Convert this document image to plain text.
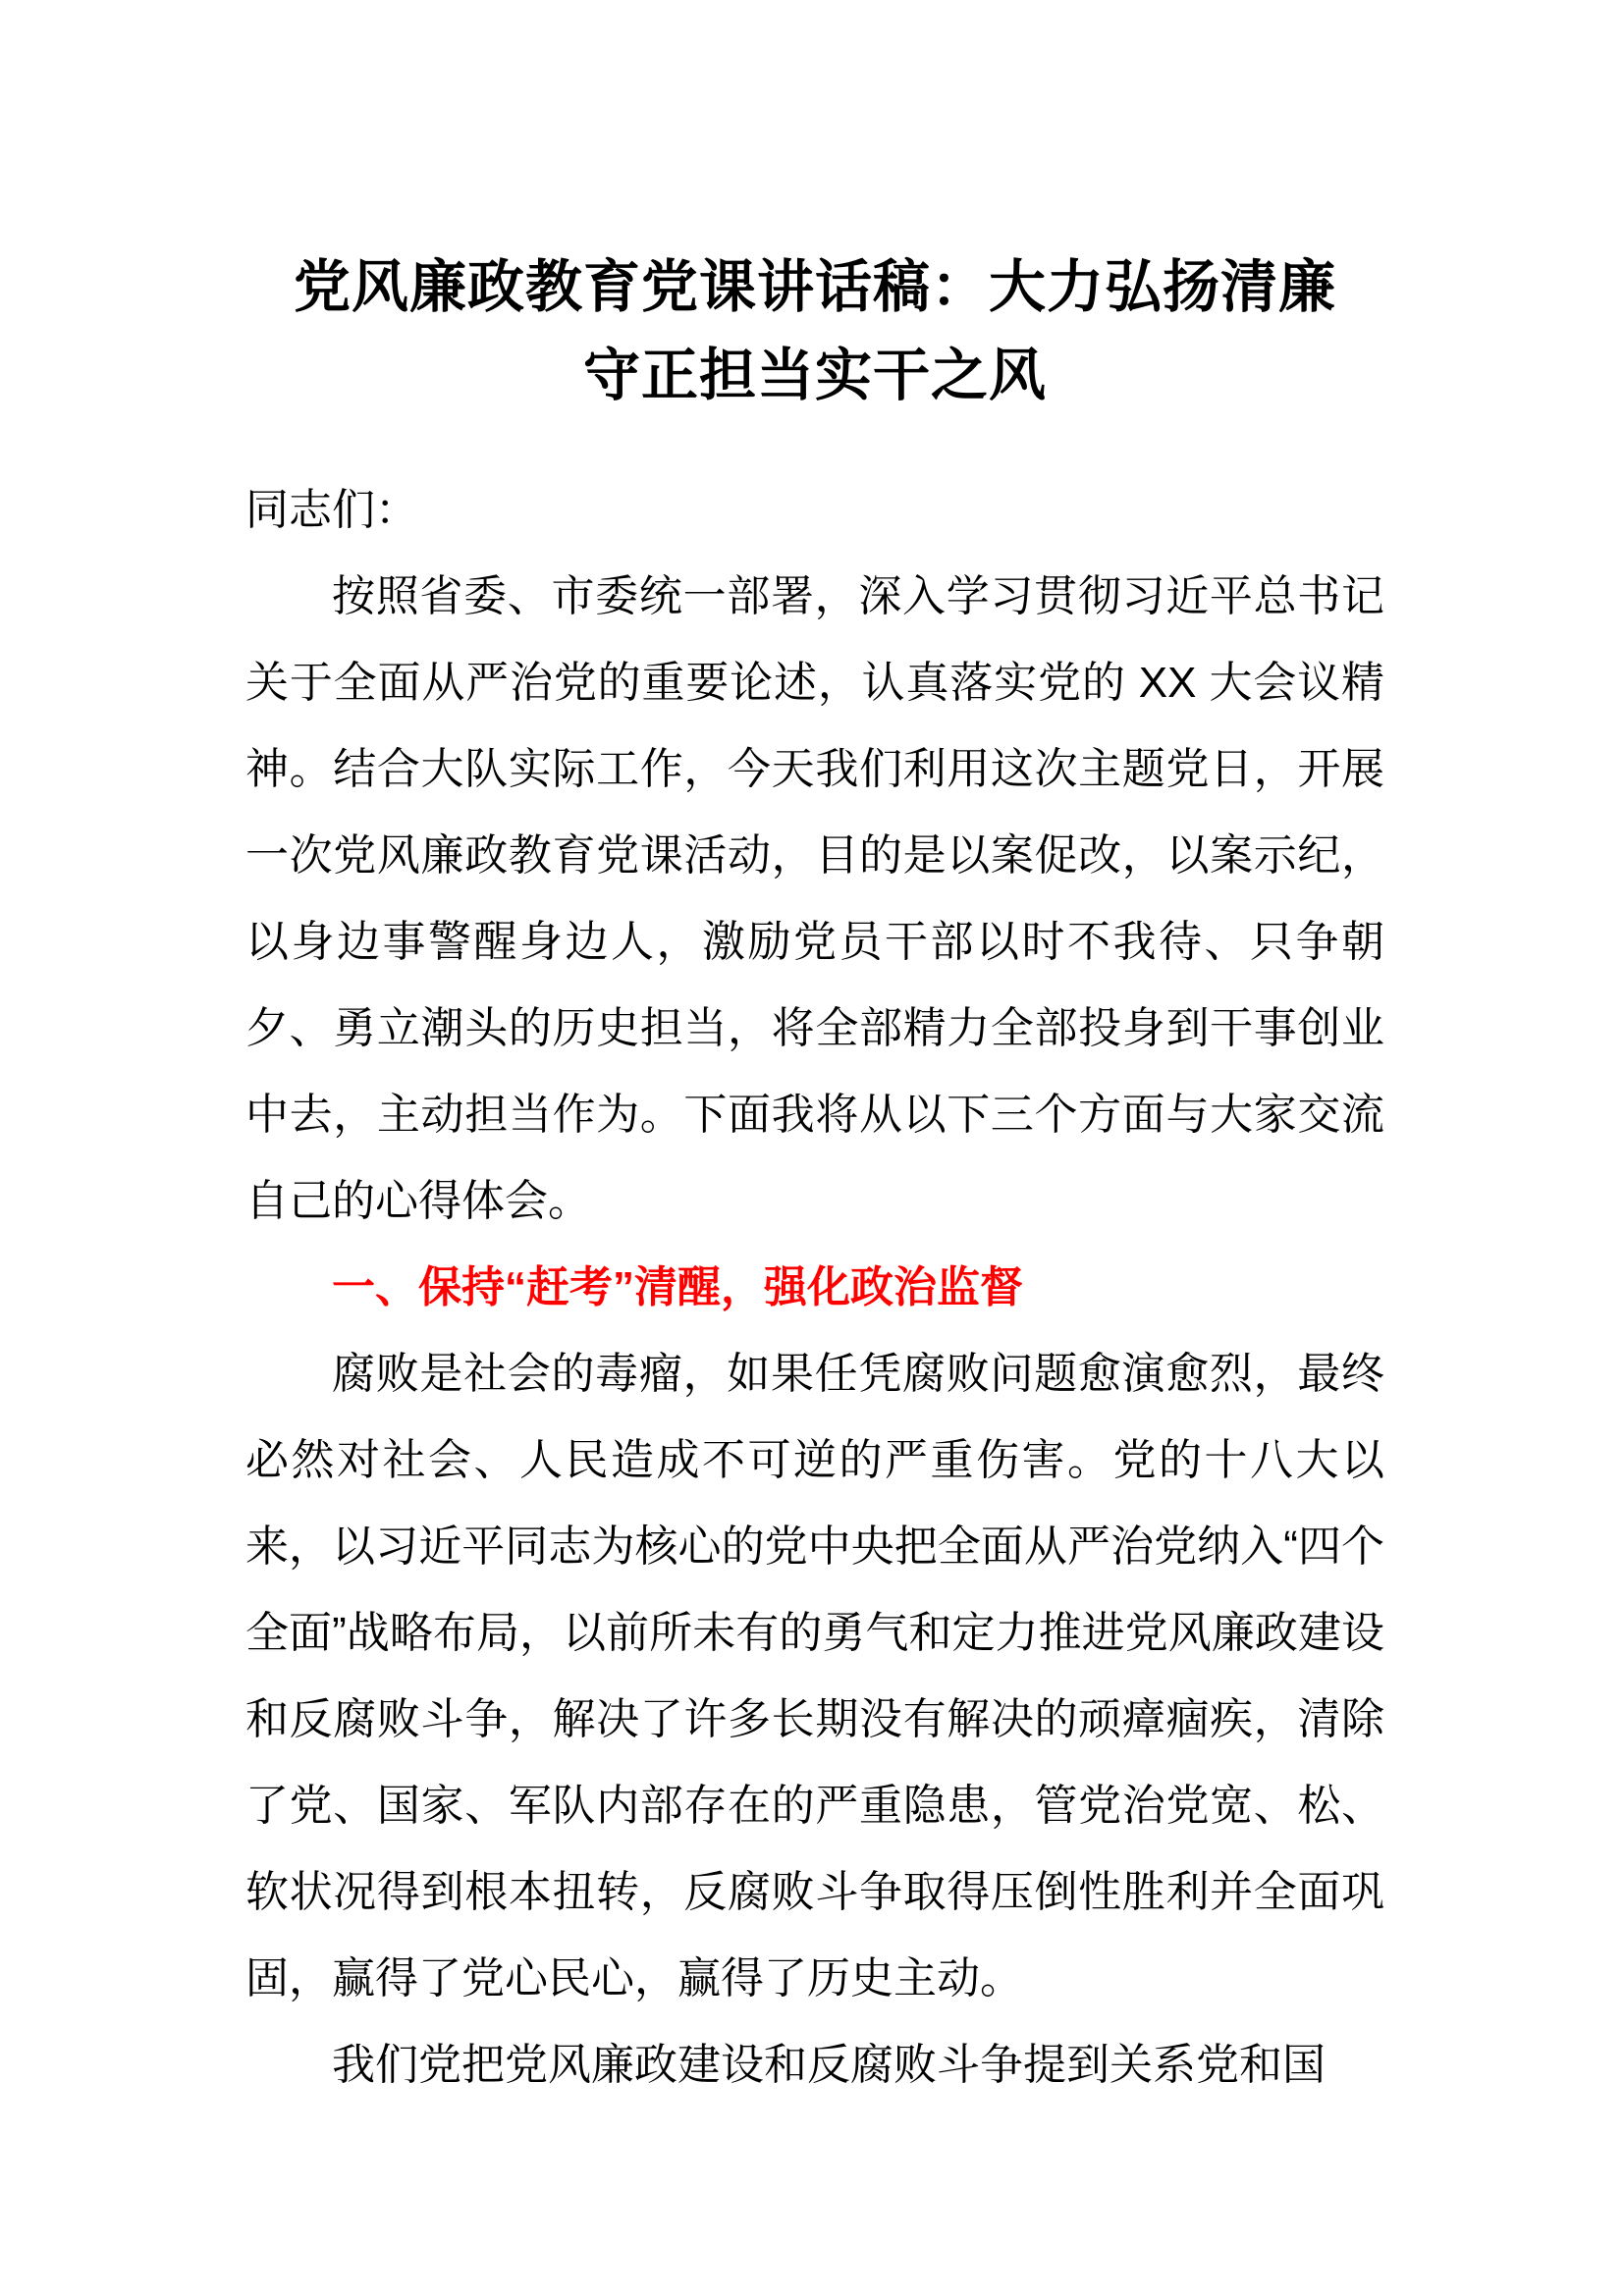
党风廉政教育党课讲话稿：大力弘扬清廉
守正担当实干之风

同志们：

按照省委、市委统一部署，深入学习贯彻习近平总书记关于全面从严治党的重要论述，认真落实党的 XX 大会议精神。结合大队实际工作，今天我们利用这次主题党日，开展一次党风廉政教育党课活动，目的是以案促改，以案示纪，以身边事警醒身边人，激励党员干部以时不我待、只争朝夕、勇立潮头的历史担当，将全部精力全部投身到干事创业中去，主动担当作为。下面我将从以下三个方面与大家交流自己的心得体会。

一、保持“赶考”清醒，强化政治监督

腐败是社会的毒瘤，如果任凭腐败问题愈演愈烈，最终必然对社会、人民造成不可逆的严重伤害。党的十八大以来，以习近平同志为核心的党中央把全面从严治党纳入“四个全面”战略布局，以前所未有的勇气和定力推进党风廉政建设和反腐败斗争，解决了许多长期没有解决的顽瘴痼疾，清除了党、国家、军队内部存在的严重隐患，管党治党宽、松、软状况得到根本扭转，反腐败斗争取得压倒性胜利并全面巩固，赢得了党心民心，赢得了历史主动。

我们党把党风廉政建设和反腐败斗争提到关系党和国
